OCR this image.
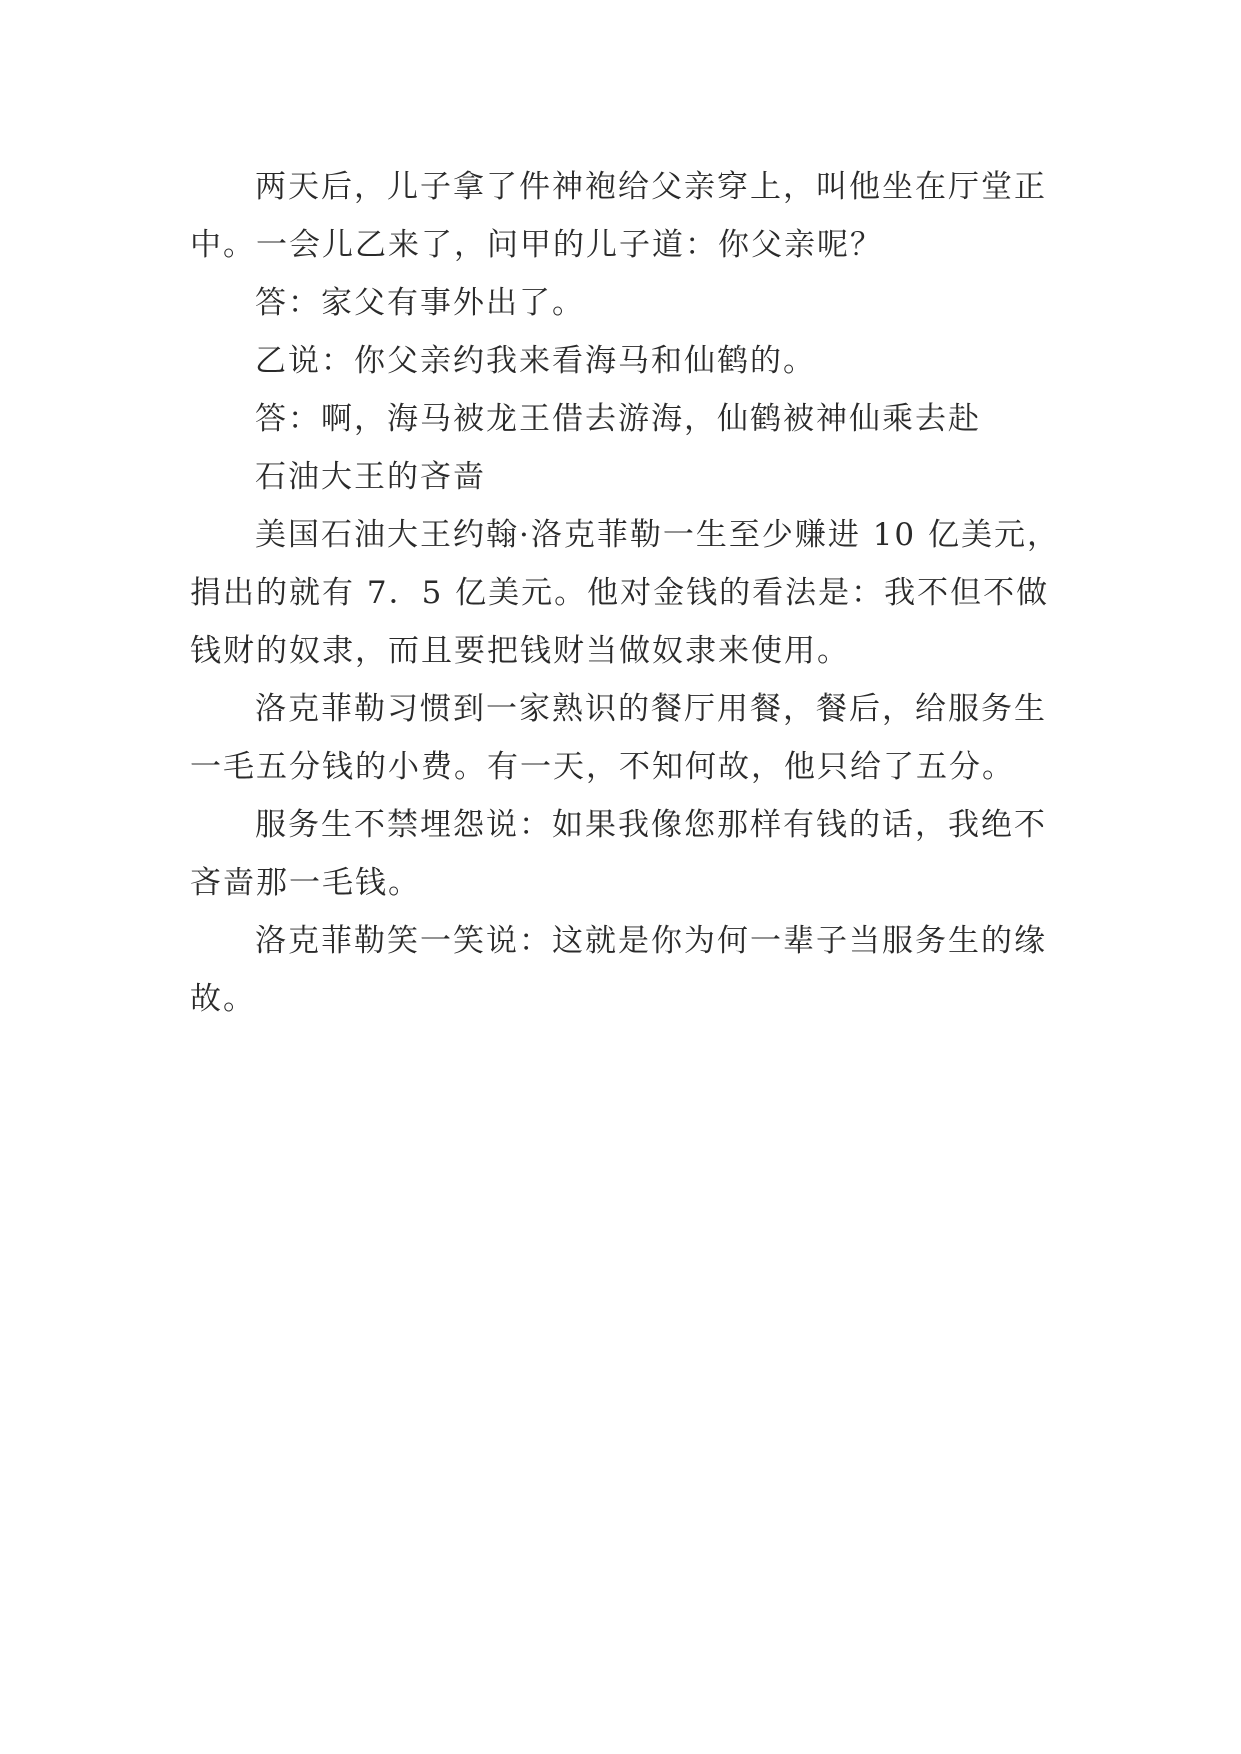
两天后，儿子拿了件神袍给父亲穿上，叫他坐在厅堂正

中。一会儿乙来了，问甲的儿子道：你父亲呢？

答：家父有事外出了。

乙说：你父亲约我来看海马和仙鹤的。

答：啊，海马被龙王借去游海，仙鹤被神仙乘去赴

石油大王的吝啬

美国石油大王约翰·洛克菲勒一生至少赚进 10 亿美元，

捐出的就有 7．5 亿美元。他对金钱的看法是：我不但不做

钱财的奴隶，而且要把钱财当做奴隶来使用。

洛克菲勒习惯到一家熟识的餐厅用餐，餐后，给服务生

一毛五分钱的小费。有一天，不知何故，他只给了五分。

服务生不禁埋怨说：如果我像您那样有钱的话，我绝不

吝啬那一毛钱。

洛克菲勒笑一笑说：这就是你为何一辈子当服务生的缘

故。
